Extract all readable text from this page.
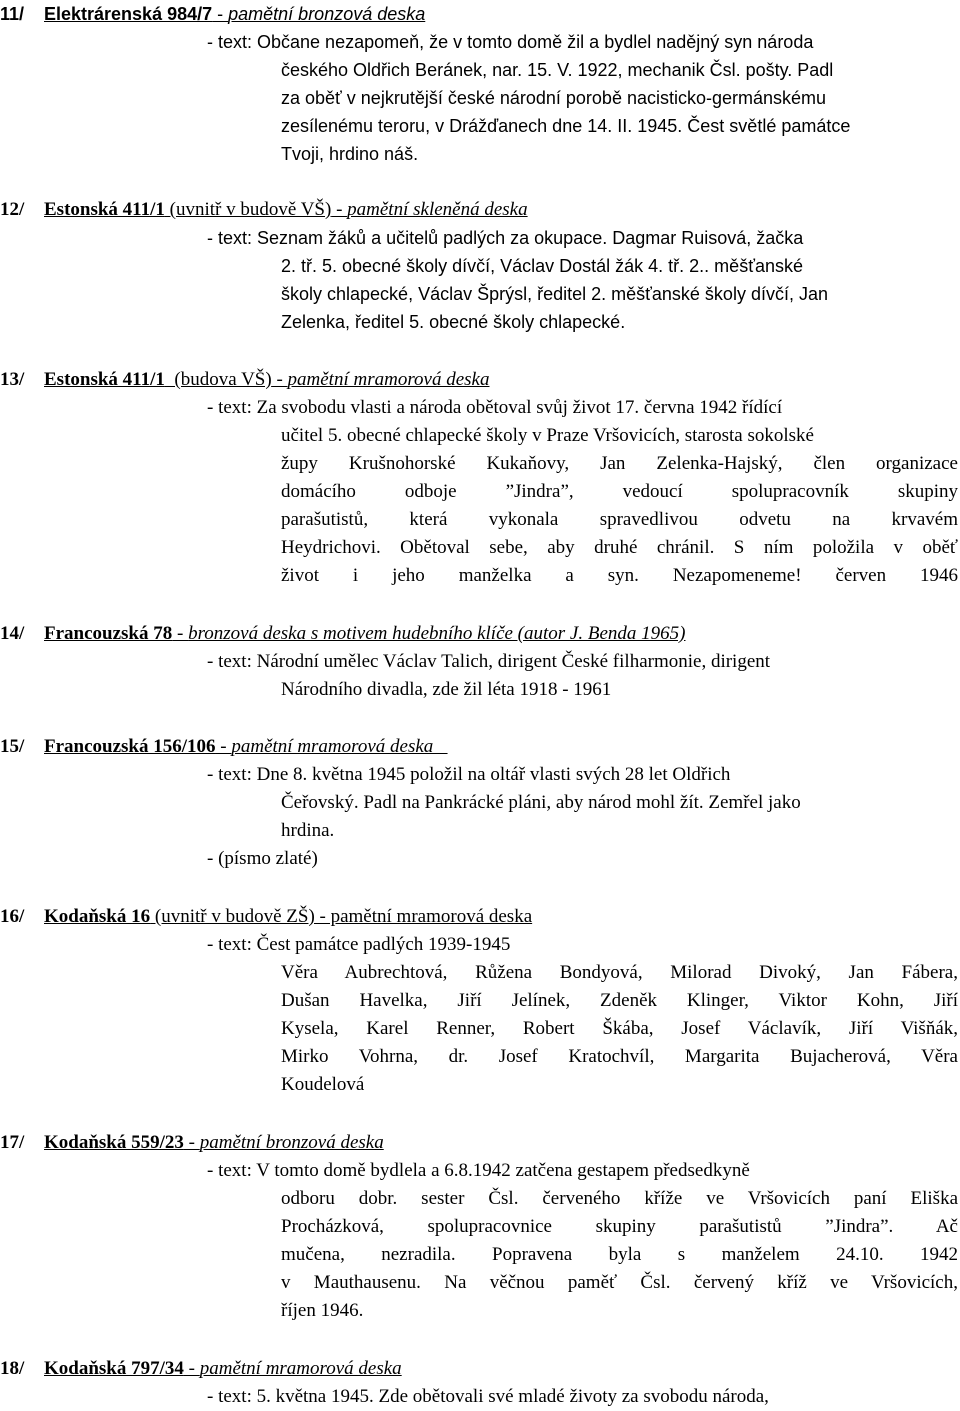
11/ Elektrárenská 984/7 - pamětní bronzová deska
- text: Občane nezapomeň, že v tomto domě žil a bydlel nadějný syn národa
českého Oldřich Beránek, nar. 15. V. 1922, mechanik Čsl. pošty. Padl
za oběť v nejkrutější české národní porobě nacisticko-germánskému
zesílenému teroru, v Drážďanech dne 14. II. 1945. Čest světlé památce
Tvoji, hrdino náš.
12/ Estonská 411/1 (uvnitř v budově VŠ) - pamětní skleněná deska
- text: Seznam žáků a učitelů padlých za okupace. Dagmar Ruisová, žačka
2. tř. 5. obecné školy dívčí, Václav Dostál žák 4. tř. 2.. měšťanské
školy chlapecké, Václav Šprýsl, ředitel 2. měšťanské školy dívčí, Jan
Zelenka, ředitel 5. obecné školy chlapecké.
13/ Estonská 411/1  (budova VŠ) - pamětní mramorová deska
- text: Za svobodu vlasti a národa obětoval svůj život 17. června 1942 řídící
učitel 5. obecné chlapecké školy v Praze Vršovicích, starosta sokolské
župy Krušnohorské Kukaňovy, Jan Zelenka-Hajský, člen organizace
domácího odboje ”Jindra”, vedoucí spolupracovník skupiny
parašutistů, která vykonala spravedlivou odvetu na krvavém
Heydrichovi. Obětoval sebe, aby druhé chránil. S ním položila v oběť
život i jeho manželka a syn. Nezapomeneme! červen 1946
14/ Francouzská 78 - bronzová deska s motivem hudebního klíče (autor J. Benda 1965)
- text: Národní umělec Václav Talich, dirigent České filharmonie, dirigent
Národního divadla, zde žil léta 1918 - 1961
15/ Francouzská 156/106 - pamětní mramorová deska
- text: Dne 8. května 1945 položil na oltář vlasti svých 28 let Oldřich
Čeřovský. Padl na Pankrácké pláni, aby národ mohl žít. Zemřel jako
hrdina.
- (písmo zlaté)
16/ Kodaňská 16 (uvnitř v budově ZŠ) - pamětní mramorová deska
- text: Čest památce padlých 1939-1945
Věra Aubrechtová, Růžena Bondyová, Milorad Divoký, Jan Fábera,
Dušan Havelka, Jiří Jelínek, Zdeněk Klinger, Viktor Kohn, Jiří
Kysela, Karel Renner, Robert Škába, Josef Václavík, Jiří Višňák,
Mirko Vohrna, dr. Josef Kratochvíl, Margarita Bujacherová, Věra
Koudelová
17/ Kodaňská 559/23 - pamětní bronzová deska
- text: V tomto domě bydlela a 6.8.1942 zatčena gestapem předsedkyně
odboru dobr. sester Čsl. červeného kříže ve Vršovicích paní Eliška
Procházková, spolupracovnice skupiny parašutistů ”Jindra”. Ač
mučena, nezradila. Popravena byla s manželem 24.10. 1942
v Mauthausenu. Na věčnou paměť Čsl. červený kříž ve Vršovicích,
říjen 1946.
18/ Kodaňská 797/34 - pamětní mramorová deska
- text: 5. května 1945. Zde obětovali své mladé životy za svobodu národa,
